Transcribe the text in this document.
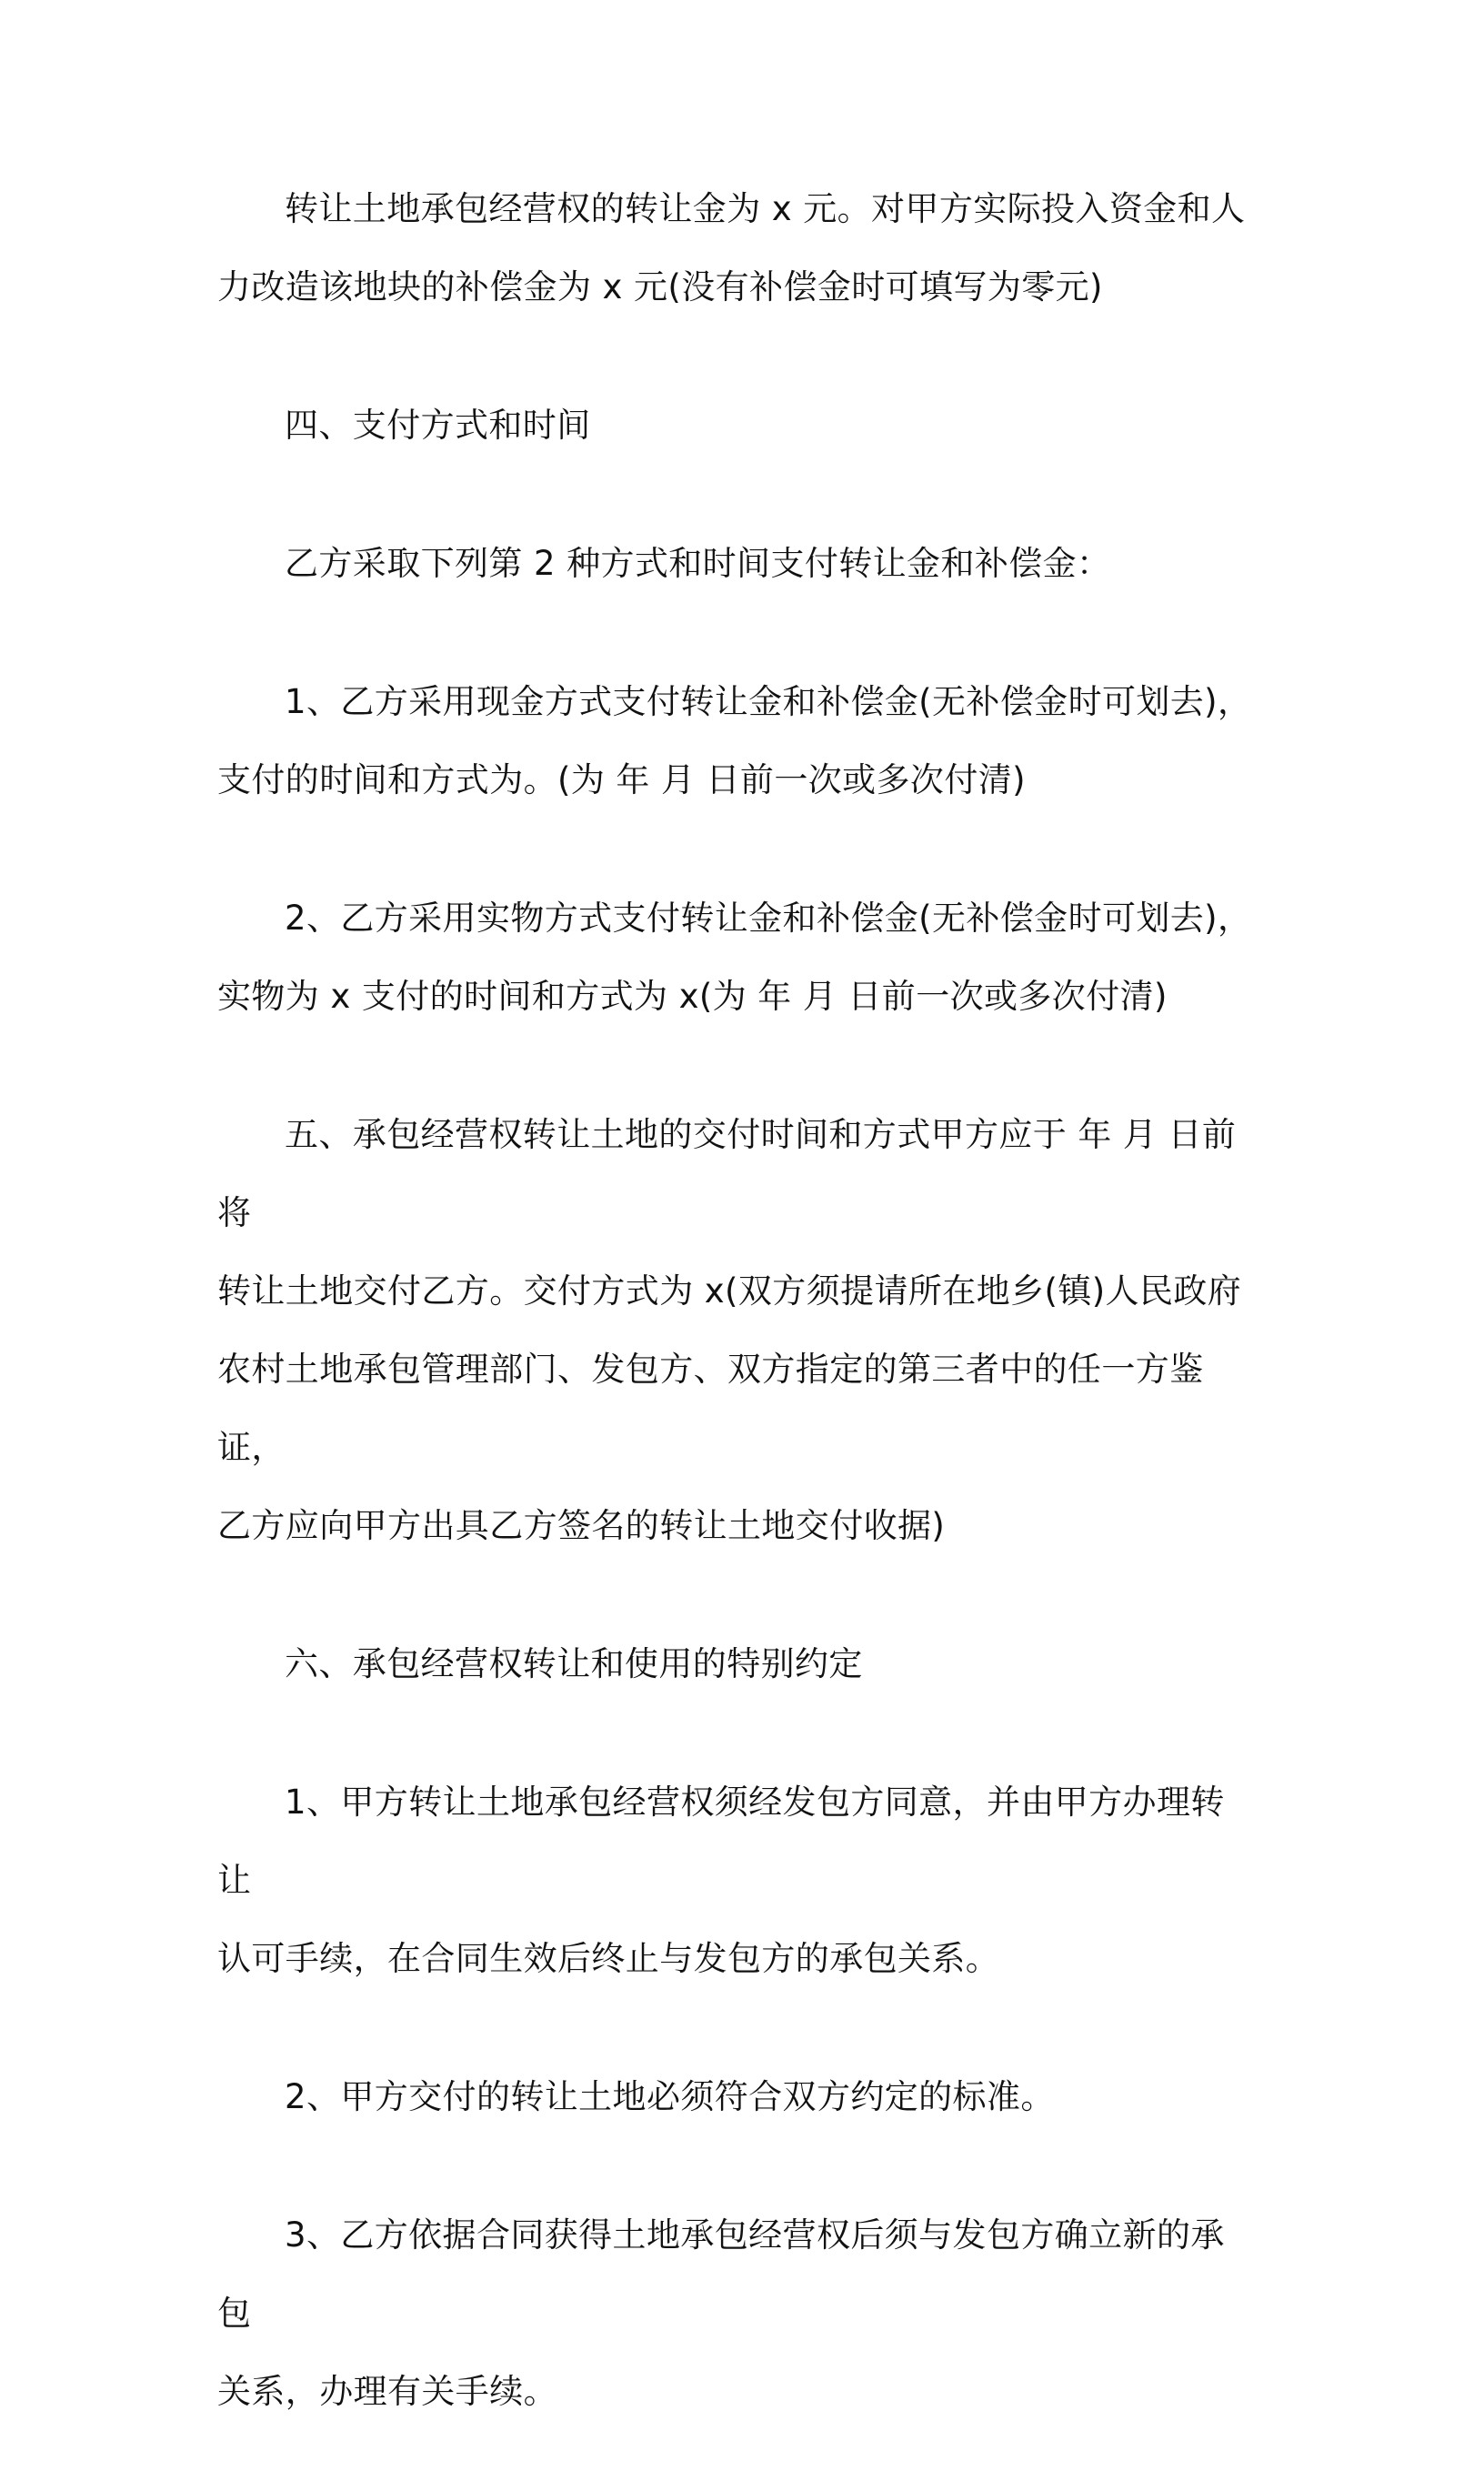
转让土地承包经营权的转让金为 x 元。对甲方实际投入资金和人
力改造该地块的补偿金为 x 元(没有补偿金时可填写为零元)

四、支付方式和时间

乙方采取下列第 2 种方式和时间支付转让金和补偿金：

1、乙方采用现金方式支付转让金和补偿金(无补偿金时可划去)，
支付的时间和方式为。(为 年 月 日前一次或多次付清)

2、乙方采用实物方式支付转让金和补偿金(无补偿金时可划去)，
实物为 x 支付的时间和方式为 x(为 年 月 日前一次或多次付清)

五、承包经营权转让土地的交付时间和方式甲方应于 年 月 日前将
转让土地交付乙方。交付方式为 x(双方须提请所在地乡(镇)人民政府
农村土地承包管理部门、发包方、双方指定的第三者中的任一方鉴证，
乙方应向甲方出具乙方签名的转让土地交付收据)

六、承包经营权转让和使用的特别约定

1、甲方转让土地承包经营权须经发包方同意，并由甲方办理转让
认可手续，在合同生效后终止与发包方的承包关系。

2、甲方交付的转让土地必须符合双方约定的标准。

3、乙方依据合同获得土地承包经营权后须与发包方确立新的承包
关系，办理有关手续。
